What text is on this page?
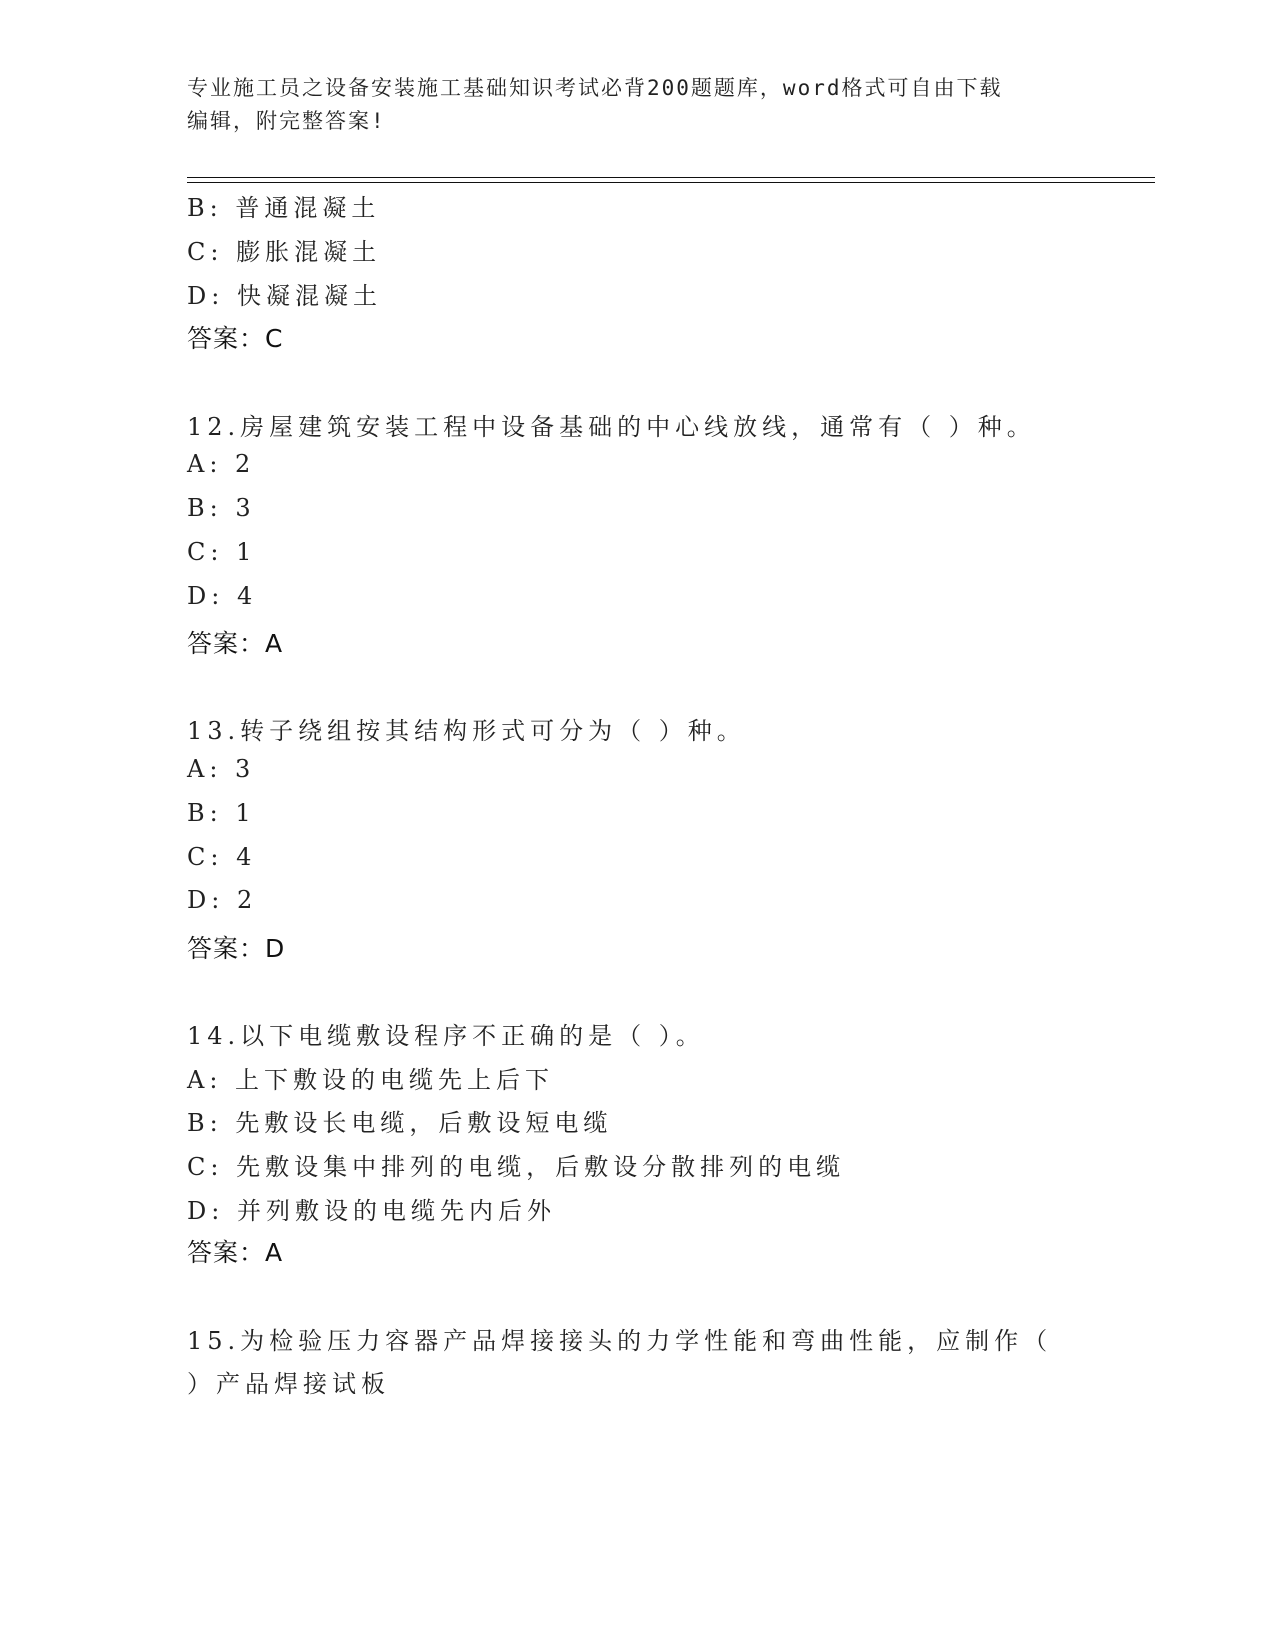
专业施工员之设备安装施工基础知识考试必背200题题库，word格式可自由下载
编辑，附完整答案!
B: 普通混凝土
C: 膨胀混凝土
D: 快凝混凝土
答案：C
12.房屋建筑安装工程中设备基础的中心线放线，通常有（ ）种。
A: 2
B: 3
C: 1
D: 4
答案：A
13.转子绕组按其结构形式可分为（ ）种。
A: 3
B: 1
C: 4
D: 2
答案：D
14.以下电缆敷设程序不正确的是（ ）。
A: 上下敷设的电缆先上后下
B: 先敷设长电缆，后敷设短电缆
C: 先敷设集中排列的电缆，后敷设分散排列的电缆
D: 并列敷设的电缆先内后外
答案：A
15.为检验压力容器产品焊接接头的力学性能和弯曲性能，应制作（
）产品焊接试板
